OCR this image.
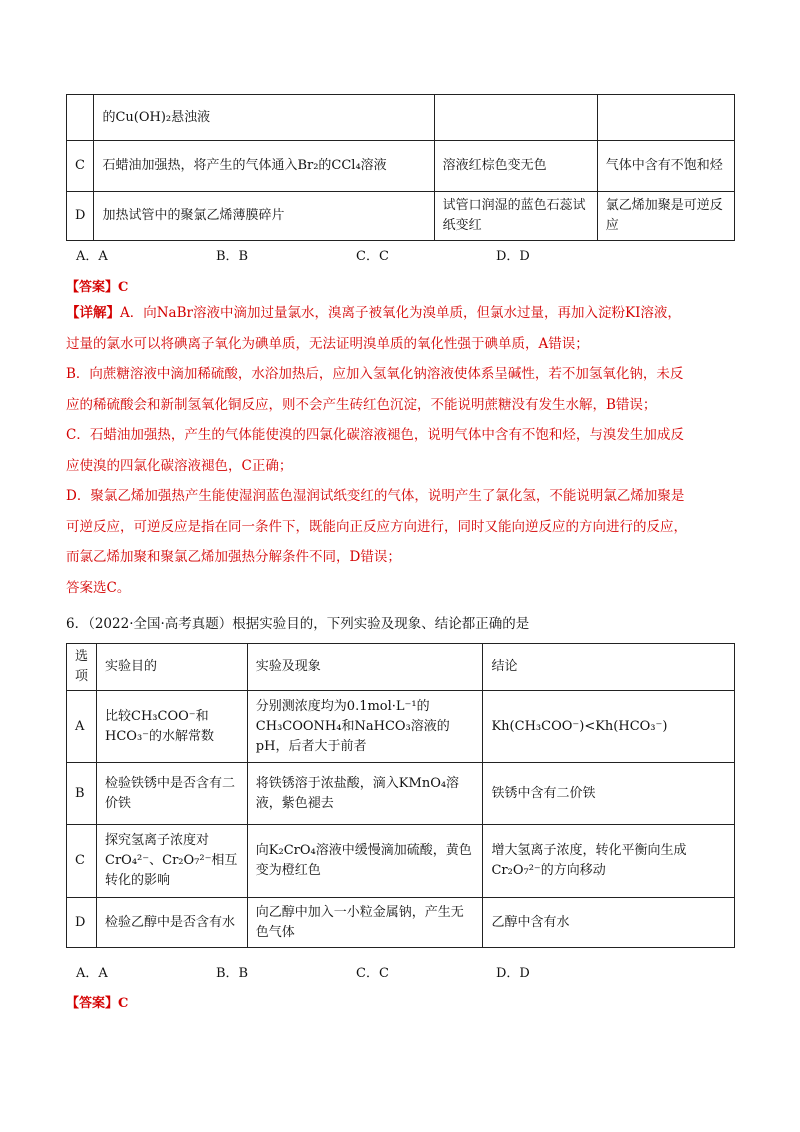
	的Cu(OH)₂悬浊液		
C	石蜡油加强热，将产生的气体通入Br₂的CCl₄溶液	溶液红棕色变无色	气体中含有不饱和烃
D	加热试管中的聚氯乙烯薄膜碎片	试管口润湿的蓝色石蕊试纸变红	氯乙烯加聚是可逆反应
A．A	B．B	C．C	D．D
【答案】C

【详解】A．向NaBr溶液中滴加过量氯水，溴离子被氧化为溴单质，但氯水过量，再加入淀粉KI溶液，

过量的氯水可以将碘离子氧化为碘单质，无法证明溴单质的氧化性强于碘单质，A错误；

B．向蔗糖溶液中滴加稀硫酸，水浴加热后，应加入氢氧化钠溶液使体系呈碱性，若不加氢氧化钠，未反

应的稀硫酸会和新制氢氧化铜反应，则不会产生砖红色沉淀，不能说明蔗糖没有发生水解，B错误；

C．石蜡油加强热，产生的气体能使溴的四氯化碳溶液褪色，说明气体中含有不饱和烃，与溴发生加成反

应使溴的四氯化碳溶液褪色，C正确；

D．聚氯乙烯加强热产生能使湿润蓝色湿润试纸变红的气体，说明产生了氯化氢，不能说明氯乙烯加聚是

可逆反应，可逆反应是指在同一条件下，既能向正反应方向进行，同时又能向逆反应的方向进行的反应，

而氯乙烯加聚和聚氯乙烯加强热分解条件不同，D错误；

答案选C。

6．（2022·全国·高考真题）根据实验目的，下列实验及现象、结论都正确的是
选项	实验目的	实验及现象	结论
A	比较CH₃COO⁻和HCO₃⁻的水解常数	分别测浓度均为0.1mol·L⁻¹的CH₃COONH₄和NaHCO₃溶液的pH，后者大于前者	Kh(CH₃COO⁻)<Kh(HCO₃⁻)
B	检验铁锈中是否含有二价铁	将铁锈溶于浓盐酸，滴入KMnO₄溶液，紫色褪去	铁锈中含有二价铁
C	探究氢离子浓度对CrO₄²⁻、Cr₂O₇²⁻相互转化的影响	向K₂CrO₄溶液中缓慢滴加硫酸，黄色变为橙红色	增大氢离子浓度，转化平衡向生成Cr₂O₇²⁻的方向移动
D	检验乙醇中是否含有水	向乙醇中加入一小粒金属钠，产生无色气体	乙醇中含有水
A．A	B．B	C．C	D．D
【答案】C
